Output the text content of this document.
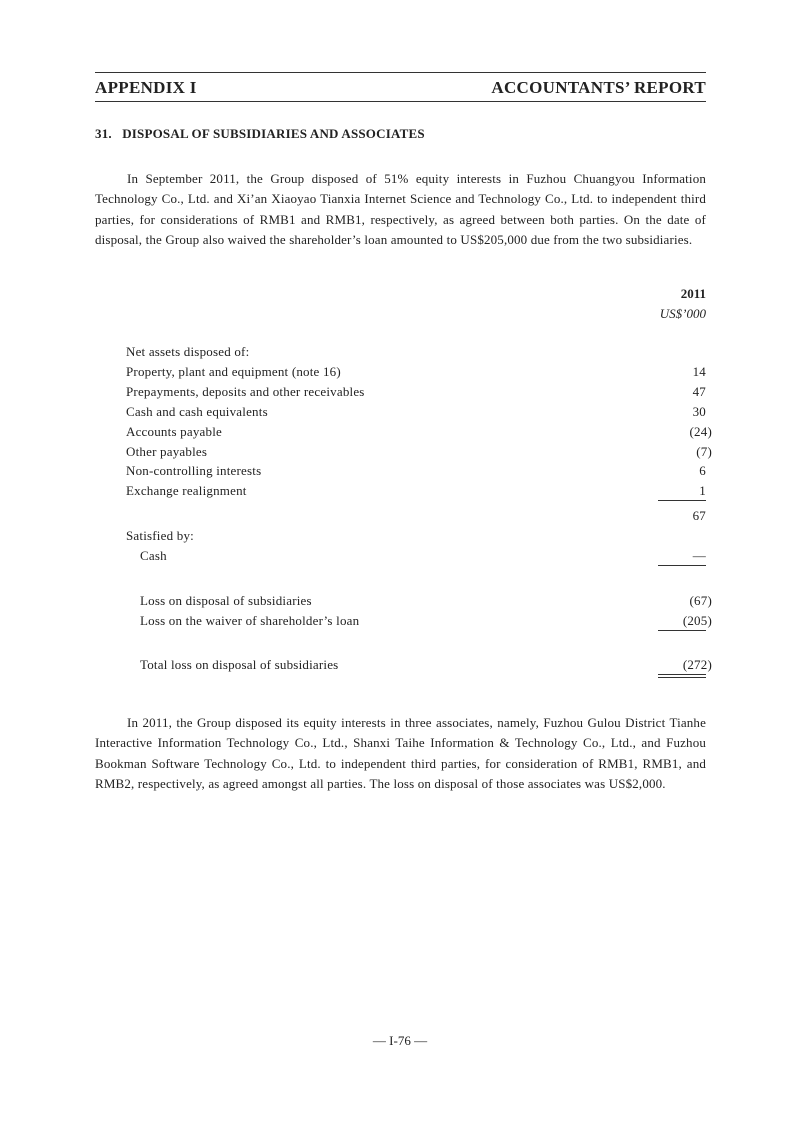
APPENDIX I	ACCOUNTANTS’ REPORT
31.   DISPOSAL OF SUBSIDIARIES AND ASSOCIATES
In September 2011, the Group disposed of 51% equity interests in Fuzhou Chuangyou Information Technology Co., Ltd. and Xi’an Xiaoyao Tianxia Internet Science and Technology Co., Ltd. to independent third parties, for considerations of RMB1 and RMB1, respectively, as agreed between both parties. On the date of disposal, the Group also waived the shareholder’s loan amounted to US$205,000 due from the two subsidiaries.
2011
US$’000
Net assets disposed of:
Property, plant and equipment (note 16)	14
Prepayments, deposits and other receivables	47
Cash and cash equivalents	30
Accounts payable	(24)
Other payables	(7)
Non-controlling interests	6
Exchange realignment	1
67
Satisfied by:
Cash	—
Loss on disposal of subsidiaries	(67)
Loss on the waiver of shareholder’s loan	(205)
Total loss on disposal of subsidiaries	(272)
In 2011, the Group disposed its equity interests in three associates, namely, Fuzhou Gulou District Tianhe Interactive Information Technology Co., Ltd., Shanxi Taihe Information & Technology Co., Ltd., and Fuzhou Bookman Software Technology Co., Ltd. to independent third parties, for consideration of RMB1, RMB1, and RMB2, respectively, as agreed amongst all parties. The loss on disposal of those associates was US$2,000.
— I-76 —
